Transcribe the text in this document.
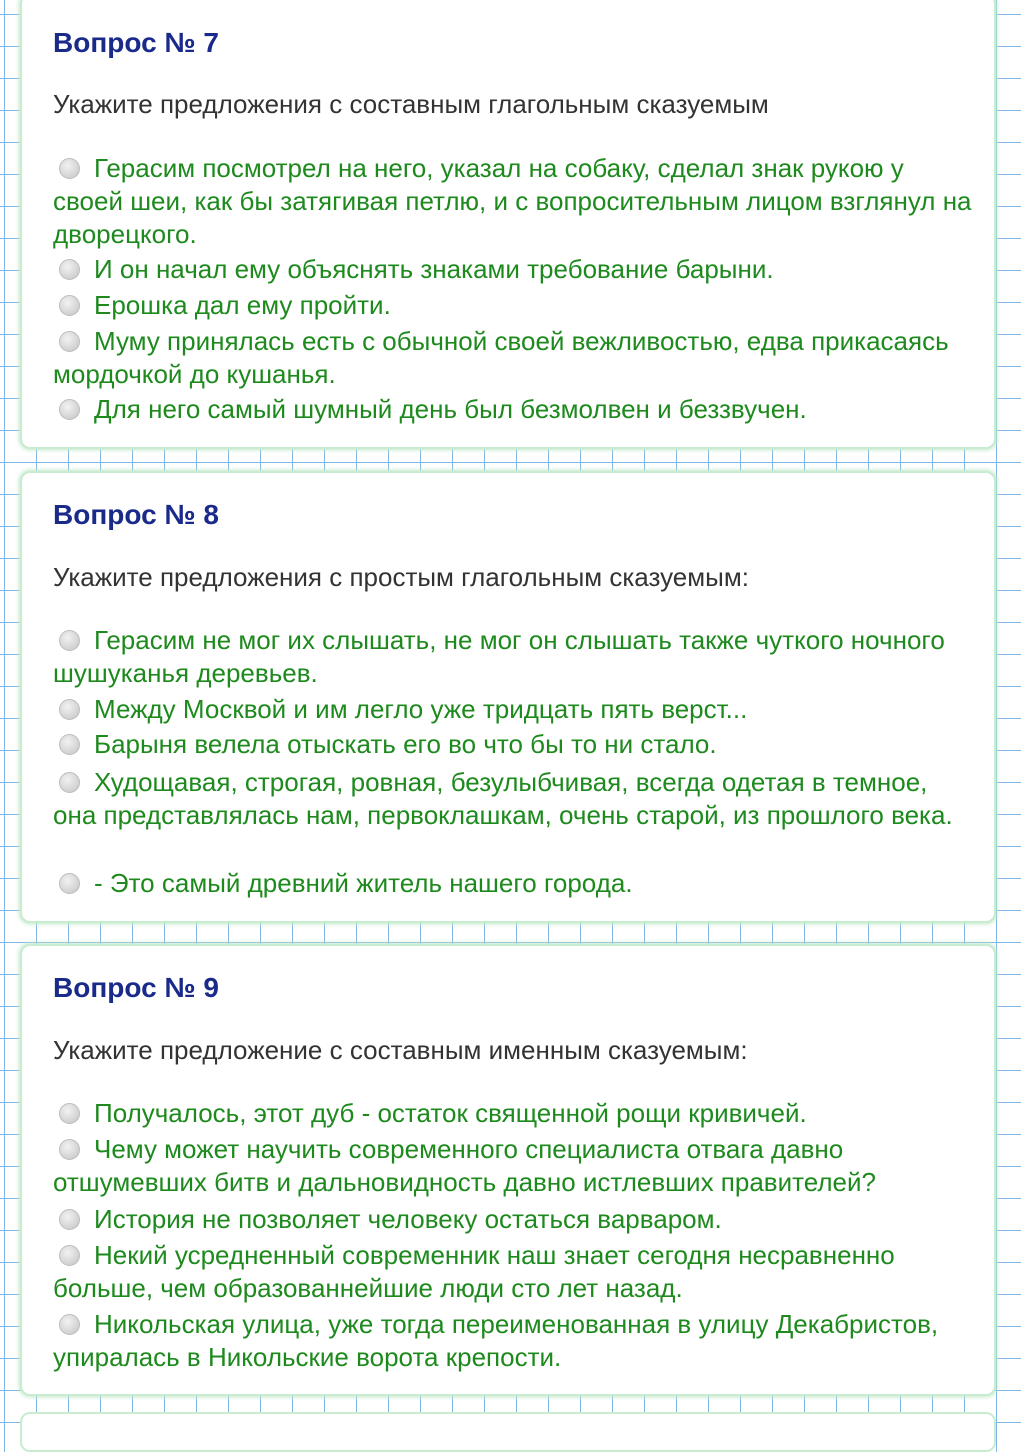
Вопрос № 7
Укажите предложения с составным глагольным сказуемым
Герасим посмотрел на него, указал на собаку, сделал знак рукою у своей шеи, как бы затягивая петлю, и с вопросительным лицом взглянул на дворецкого.
И он начал ему объяснять знаками требование барыни.
Ерошка дал ему пройти.
Муму принялась есть с обычной своей вежливостью, едва прикасаясь мордочкой до кушанья.
Для него самый шумный день был безмолвен и беззвучен.
Вопрос № 8
Укажите предложения с простым глагольным сказуемым:
Герасим не мог их слышать, не мог он слышать также чуткого ночного шушуканья деревьев.
Между Москвой и им легло уже тридцать пять верст...
Барыня велела отыскать его во что бы то ни стало.
Худощавая, строгая, ровная, безулыбчивая, всегда одетая в темное, она представлялась нам, первоклашкам, очень старой, из прошлого века.
- Это самый древний житель нашего города.
Вопрос № 9
Укажите предложение с составным именным сказуемым:
Получалось, этот дуб - остаток священной рощи кривичей.
Чему может научить современного специалиста отвага давно отшумевших битв и дальновидность давно истлевших правителей?
История не позволяет человеку остаться варваром.
Некий усредненный современник наш знает сегодня несравненно больше, чем образованнейшие люди сто лет назад.
Никольская улица, уже тогда переименованная в улицу Декабристов, упиралась в Никольские ворота крепости.
